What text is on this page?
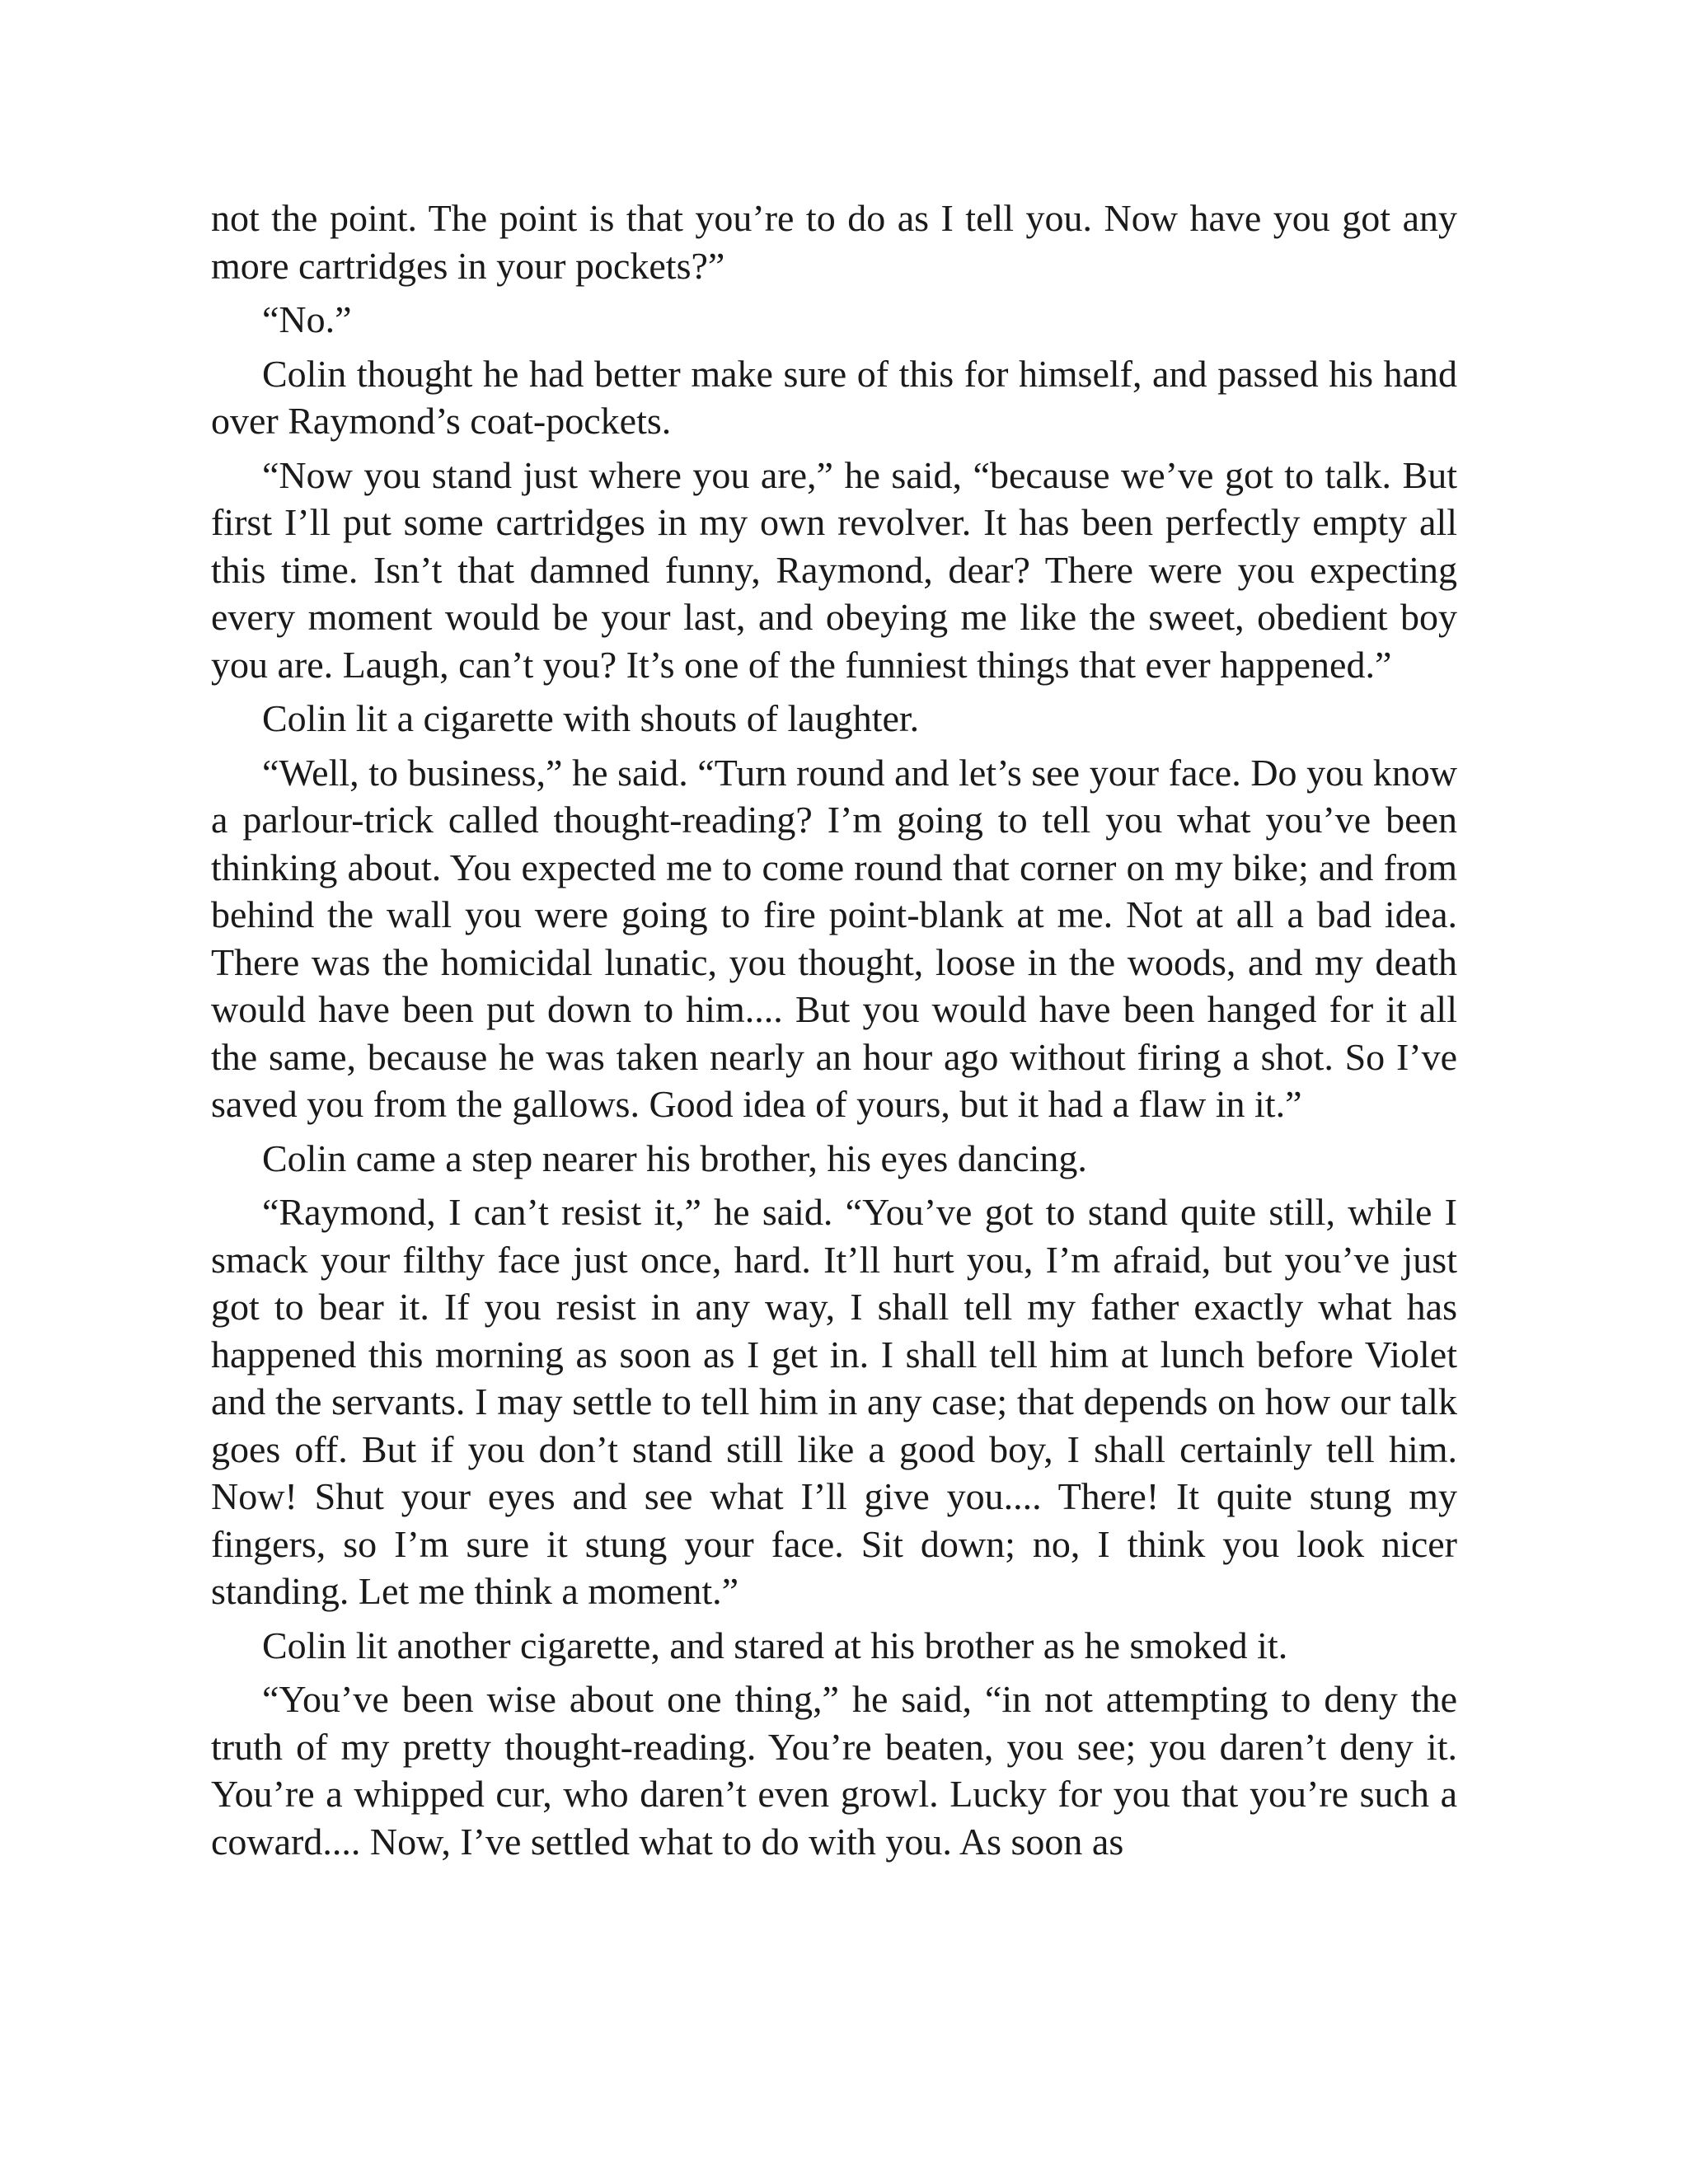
not the point. The point is that you’re to do as I tell you. Now have you got any more cartridges in your pockets?”

“No.”

Colin thought he had better make sure of this for himself, and passed his hand over Raymond’s coat-pockets.

“Now you stand just where you are,” he said, “because we’ve got to talk. But first I’ll put some cartridges in my own revolver. It has been perfectly empty all this time. Isn’t that damned funny, Raymond, dear? There were you expecting every moment would be your last, and obeying me like the sweet, obedient boy you are. Laugh, can’t you? It’s one of the funniest things that ever happened.”

Colin lit a cigarette with shouts of laughter.

“Well, to business,” he said. “Turn round and let’s see your face. Do you know a parlour-trick called thought-reading? I’m going to tell you what you’ve been thinking about. You expected me to come round that corner on my bike; and from behind the wall you were going to fire point-blank at me. Not at all a bad idea. There was the homicidal lunatic, you thought, loose in the woods, and my death would have been put down to him.... But you would have been hanged for it all the same, because he was taken nearly an hour ago without firing a shot. So I’ve saved you from the gallows. Good idea of yours, but it had a flaw in it.”

Colin came a step nearer his brother, his eyes dancing.

“Raymond, I can’t resist it,” he said. “You’ve got to stand quite still, while I smack your filthy face just once, hard. It’ll hurt you, I’m afraid, but you’ve just got to bear it. If you resist in any way, I shall tell my father exactly what has happened this morning as soon as I get in. I shall tell him at lunch before Violet and the servants. I may settle to tell him in any case; that depends on how our talk goes off. But if you don’t stand still like a good boy, I shall certainly tell him. Now! Shut your eyes and see what I’ll give you.... There! It quite stung my fingers, so I’m sure it stung your face. Sit down; no, I think you look nicer standing. Let me think a moment.”

Colin lit another cigarette, and stared at his brother as he smoked it.

“You’ve been wise about one thing,” he said, “in not attempting to deny the truth of my pretty thought-reading. You’re beaten, you see; you daren’t deny it. You’re a whipped cur, who daren’t even growl. Lucky for you that you’re such a coward.... Now, I’ve settled what to do with you. As soon as
